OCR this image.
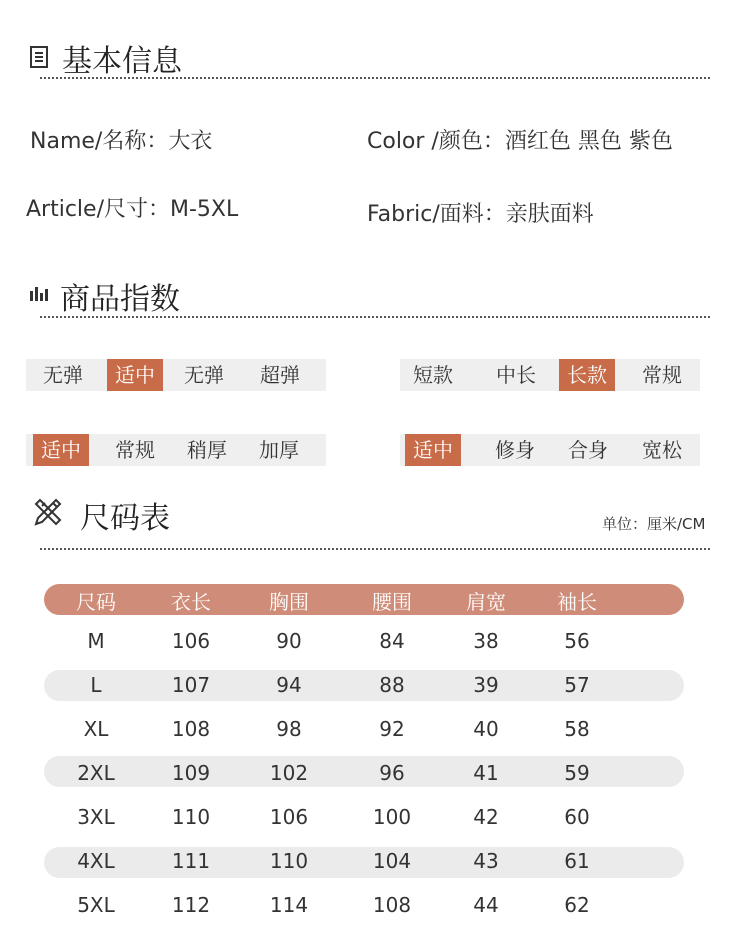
基本信息
Name/名称：大衣	Color /颜色：酒红色 黑色 紫色
Article/尺寸：M-5XL	Fabric/面料：亲肤面料
商品指数
无弹	适中	无弹	超弹	短款	中长	长款	常规
适中	常规	稍厚	加厚	适中	修身	合身	宽松
尺码表	单位：厘米/CM
尺码	衣长	胸围	腰围	肩宽	袖长
M	106	90	84	38	56
L	107	94	88	39	57
XL	108	98	92	40	58
2XL	109	102	96	41	59
3XL	110	106	100	42	60
4XL	111	110	104	43	61
5XL	112	114	108	44	62
